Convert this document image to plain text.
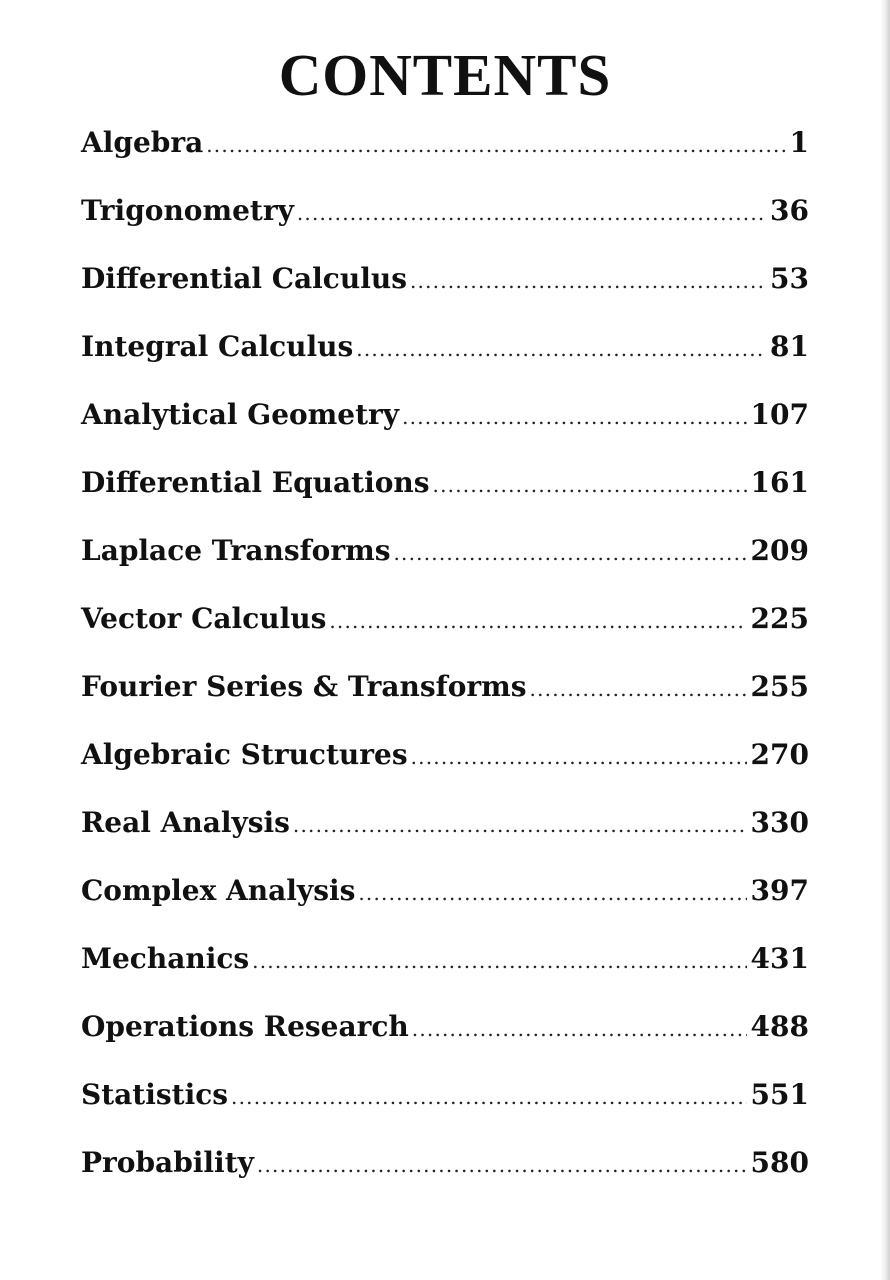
CONTENTS
Algebra .....	1
Trigonometry .....	36
Differential Calculus .....	53
Integral Calculus .....	81
Analytical Geometry .....	107
Differential Equations .....	161
Laplace Transforms .....	209
Vector Calculus .....	225
Fourier Series & Transforms .....	255
Algebraic Structures .....	270
Real Analysis .....	330
Complex Analysis .....	397
Mechanics .....	431
Operations Research .....	488
Statistics .....	551
Probability .....	580
